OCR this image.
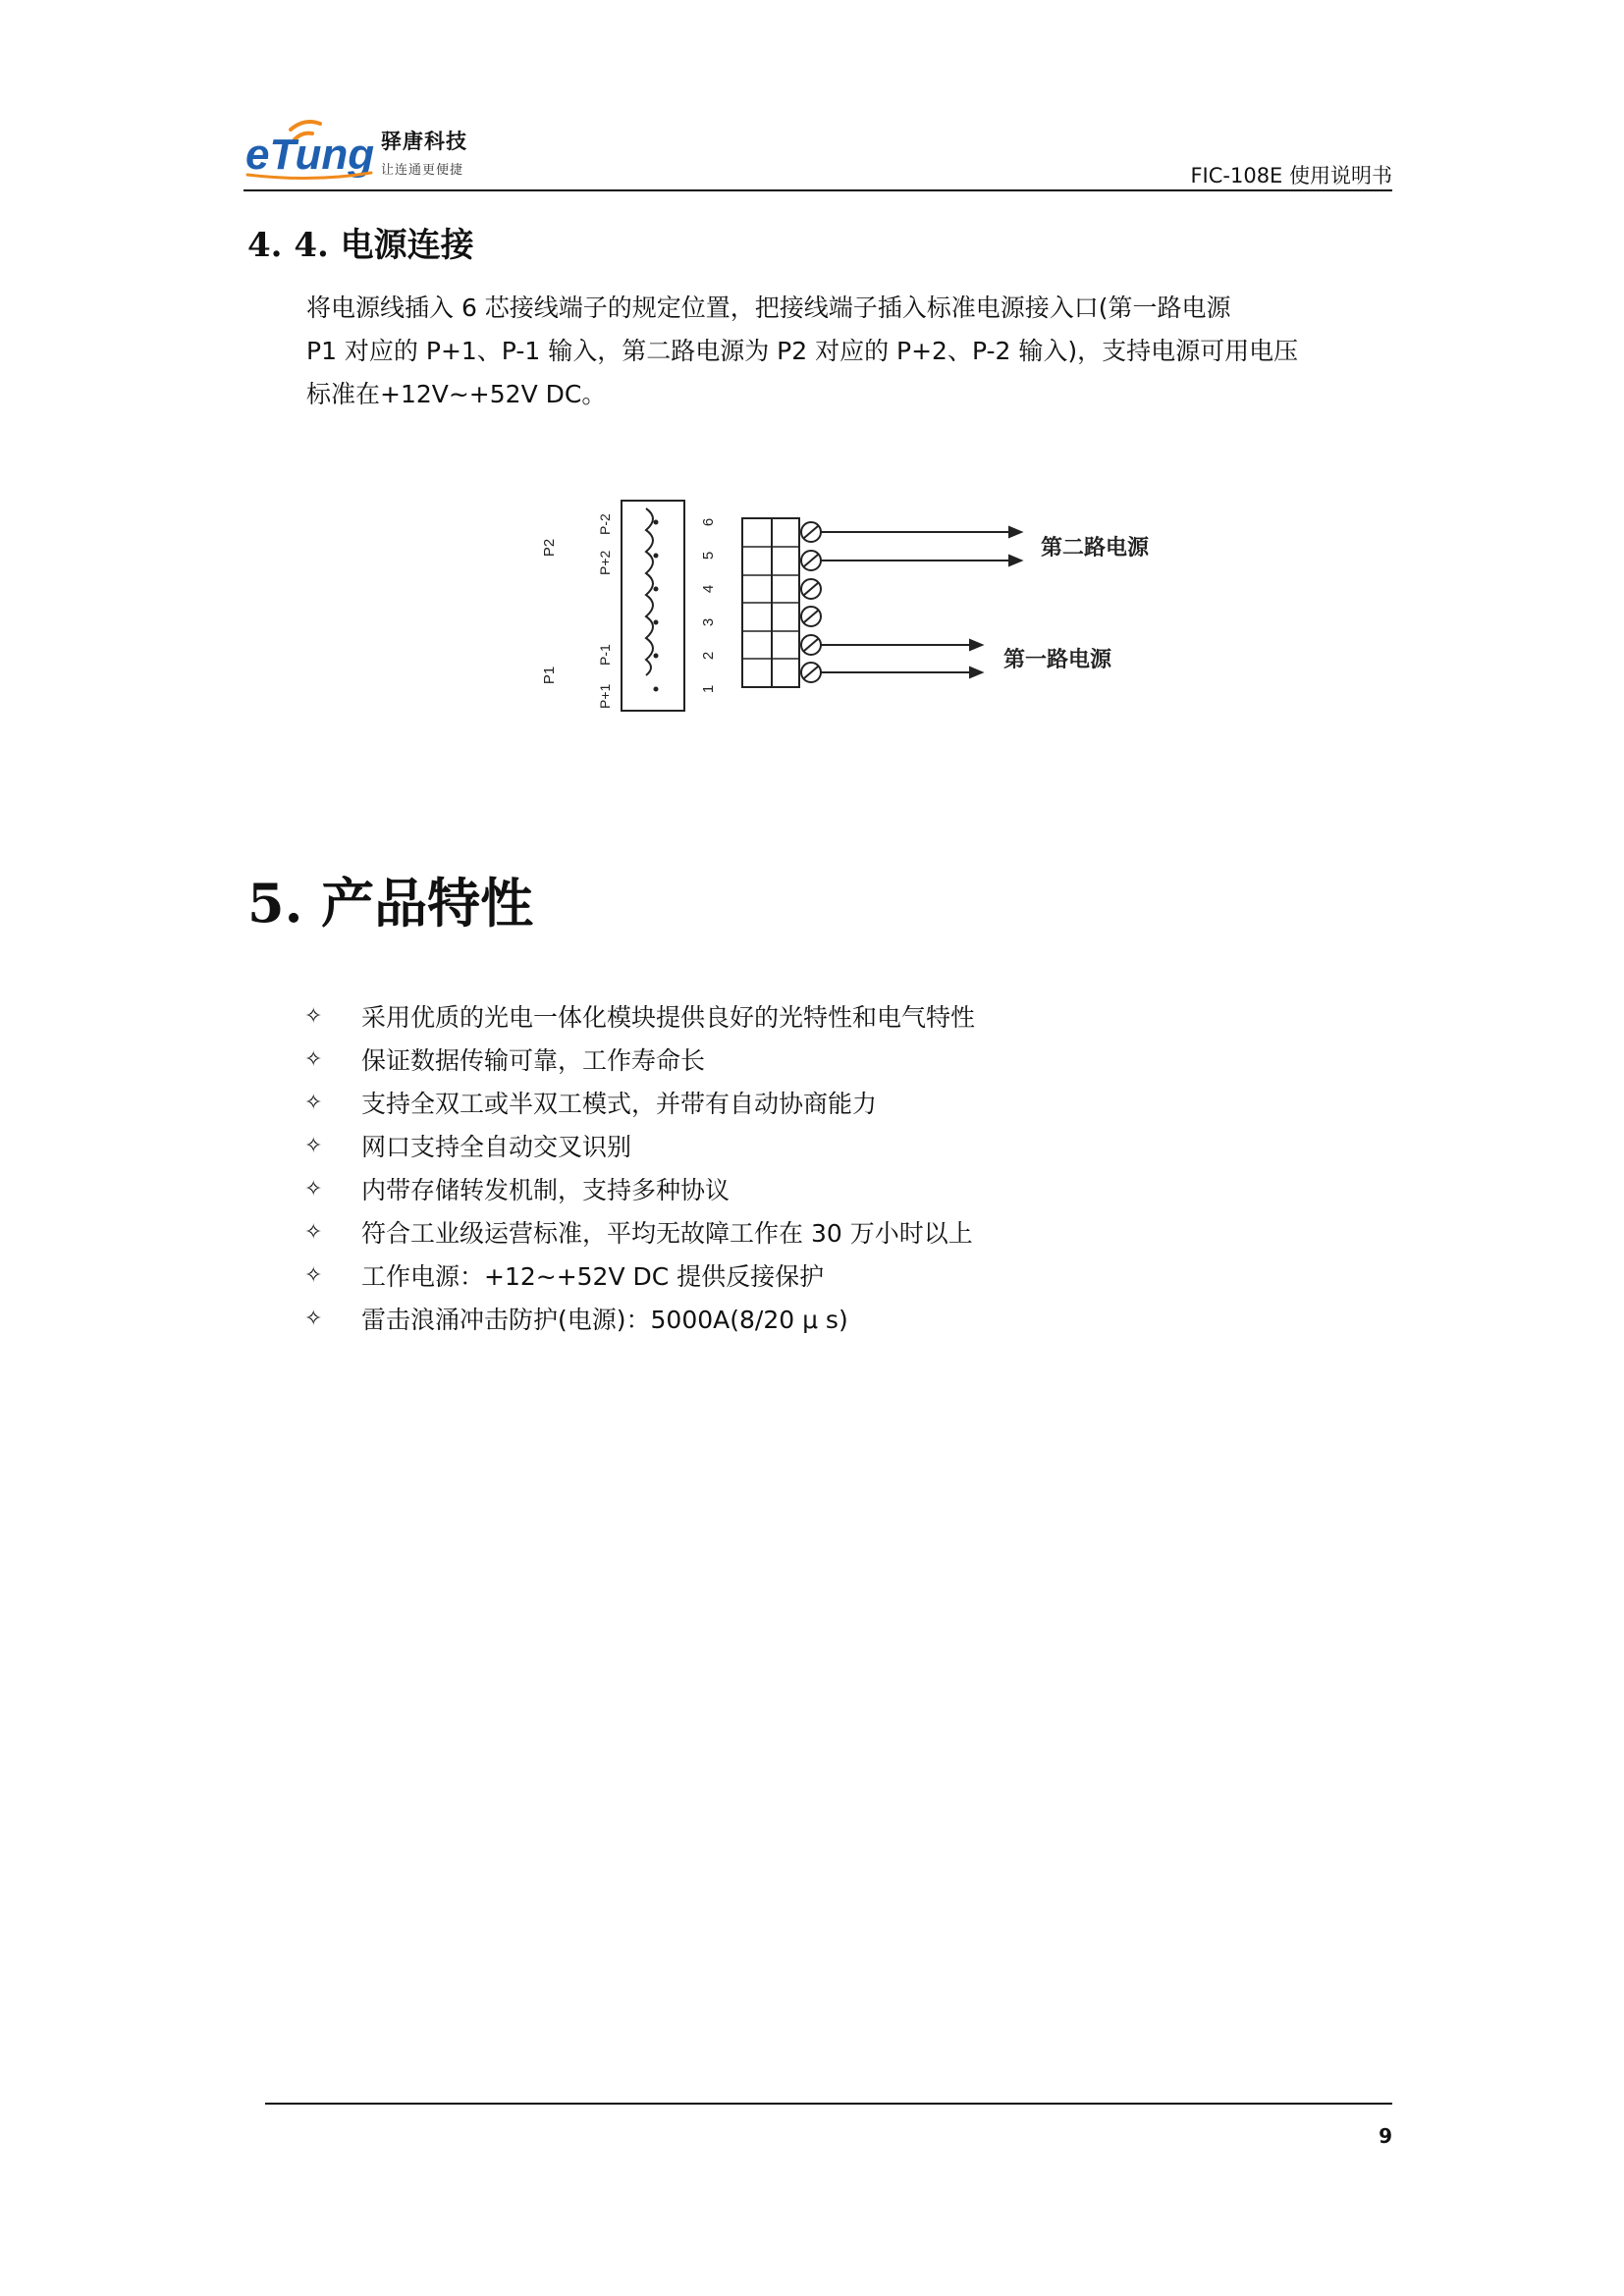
eTung 驿唐科技
让连通更便捷	FIC-108E 使用说明书
4. 4. 电源连接

将电源线插入 6 芯接线端子的规定位置，把接线端子插入标准电源接入口(第一路电源

P1 对应的 P+1、P-1 输入，第二路电源为 P2 对应的 P+2、P-2 输入)，支持电源可用电压

标准在+12V~+52V DC。

P2
P1
P+2
P-2
P+1
P-1
1
2
3
4
5
6
第二路电源
第一路电源
5. 产品特性
✧	采用优质的光电一体化模块提供良好的光特性和电气特性
✧	保证数据传输可靠，工作寿命长
✧	支持全双工或半双工模式，并带有自动协商能力
✧	网口支持全自动交叉识别
✧	内带存储转发机制，支持多种协议
✧	符合工业级运营标准，平均无故障工作在 30 万小时以上
✧	工作电源：+12~+52V DC 提供反接保护
✧	雷击浪涌冲击防护(电源)：5000A(8/20 μ s)
9
